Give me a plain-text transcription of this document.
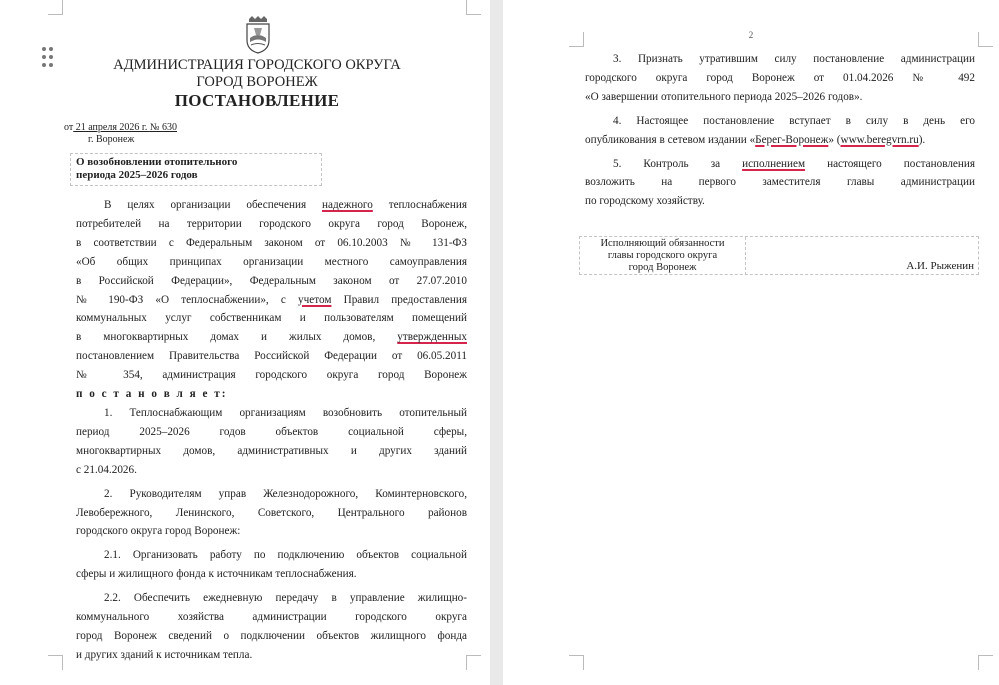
АДМИНИСТРАЦИЯ ГОРОДСКОГО ОКРУГА
ГОРОД ВОРОНЕЖ
ПОСТАНОВЛЕНИЕ
от 21 апреля 2026 г. № 630
г. Воронеж
О возобновлении отопительного
периода 2025–2026 годов

В целях организации обеспечения надежного теплоснабжения

потребителей на территории городского округа город Воронеж,

в соответствии с Федеральным законом от 06.10.2003 № 131-ФЗ

«Об общих принципах организации местного самоуправления

в Российской Федерации», Федеральным законом от 27.07.2010

№ 190-ФЗ «О теплоснабжении», с учетом Правил предоставления

коммунальных услуг собственникам и пользователям помещений

в многоквартирных домах и жилых домов, утвержденных

постановлением Правительства Российской Федерации от 06.05.2011

№ 354, администрация городского округа город Воронеж

п о с т а н о в л я е т:

1. Теплоснабжающим организациям возобновить отопительный

период 2025–2026 годов объектов социальной сферы,

многоквартирных домов, административных и других зданий

с 21.04.2026.

2. Руководителям управ Железнодорожного, Коминтерновского,

Левобережного, Ленинского, Советского, Центрального районов

городского округа город Воронеж:

2.1. Организовать работу по подключению объектов социальной

сферы и жилищного фонда к источникам теплоснабжения.

2.2. Обеспечить ежедневную передачу в управление жилищно-

коммунального хозяйства администрации городского округа

город Воронеж сведений о подключении объектов жилищного фонда

и других зданий к источникам тепла.

2

3. Признать утратившим силу постановление администрации

городского округа город Воронеж от 01.04.2026 № 492

«О завершении отопительного периода 2025–2026 годов».

4. Настоящее постановление вступает в силу в день его

опубликования в сетевом издании «Берег-Воронеж» (www.beregvrn.ru).

5. Контроль за исполнением настоящего постановления

возложить на первого заместителя главы администрации

по городскому хозяйству.

Исполняющий обязанности
главы городского округа
город Воронеж	А.И. Рыженин
